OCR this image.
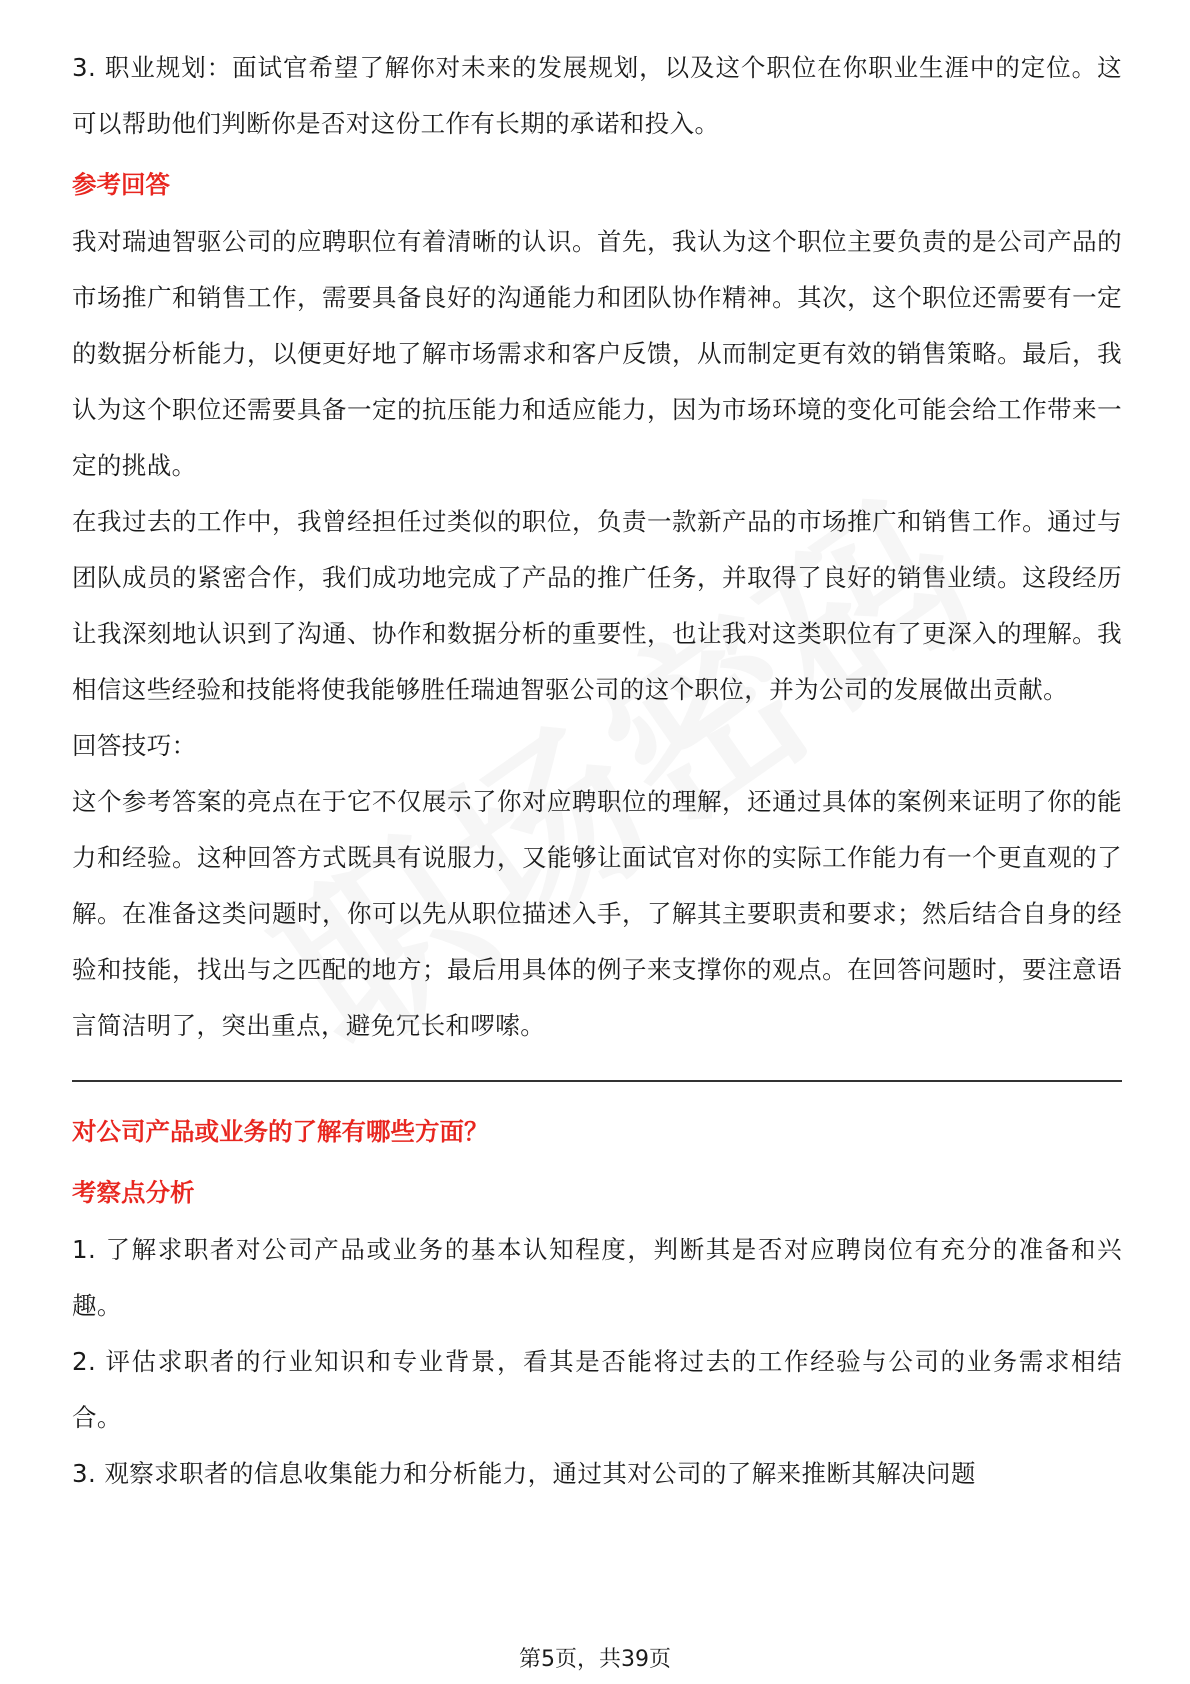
3. 职业规划：面试官希望了解你对未来的发展规划，以及这个职位在你职业生涯中的定位。这可以帮助他们判断你是否对这份工作有长期的承诺和投入。

参考回答

我对瑞迪智驱公司的应聘职位有着清晰的认识。首先，我认为这个职位主要负责的是公司产品的市场推广和销售工作，需要具备良好的沟通能力和团队协作精神。其次，这个职位还需要有一定的数据分析能力，以便更好地了解市场需求和客户反馈，从而制定更有效的销售策略。最后，我认为这个职位还需要具备一定的抗压能力和适应能力，因为市场环境的变化可能会给工作带来一定的挑战。

在我过去的工作中，我曾经担任过类似的职位，负责一款新产品的市场推广和销售工作。通过与团队成员的紧密合作，我们成功地完成了产品的推广任务，并取得了良好的销售业绩。这段经历让我深刻地认识到了沟通、协作和数据分析的重要性，也让我对这类职位有了更深入的理解。我相信这些经验和技能将使我能够胜任瑞迪智驱公司的这个职位，并为公司的发展做出贡献。

回答技巧：

这个参考答案的亮点在于它不仅展示了你对应聘职位的理解，还通过具体的案例来证明了你的能力和经验。这种回答方式既具有说服力，又能够让面试官对你的实际工作能力有一个更直观的了解。在准备这类问题时，你可以先从职位描述入手，了解其主要职责和要求；然后结合自身的经验和技能，找出与之匹配的地方；最后用具体的例子来支撑你的观点。在回答问题时，要注意语言简洁明了，突出重点，避免冗长和啰嗦。

对公司产品或业务的了解有哪些方面？
考察点分析

1. 了解求职者对公司产品或业务的基本认知程度，判断其是否对应聘岗位有充分的准备和兴趣。

2. 评估求职者的行业知识和专业背景，看其是否能将过去的工作经验与公司的业务需求相结合。

3. 观察求职者的信息收集能力和分析能力，通过其对公司的了解来推断其解决问题

第5页，共39页
